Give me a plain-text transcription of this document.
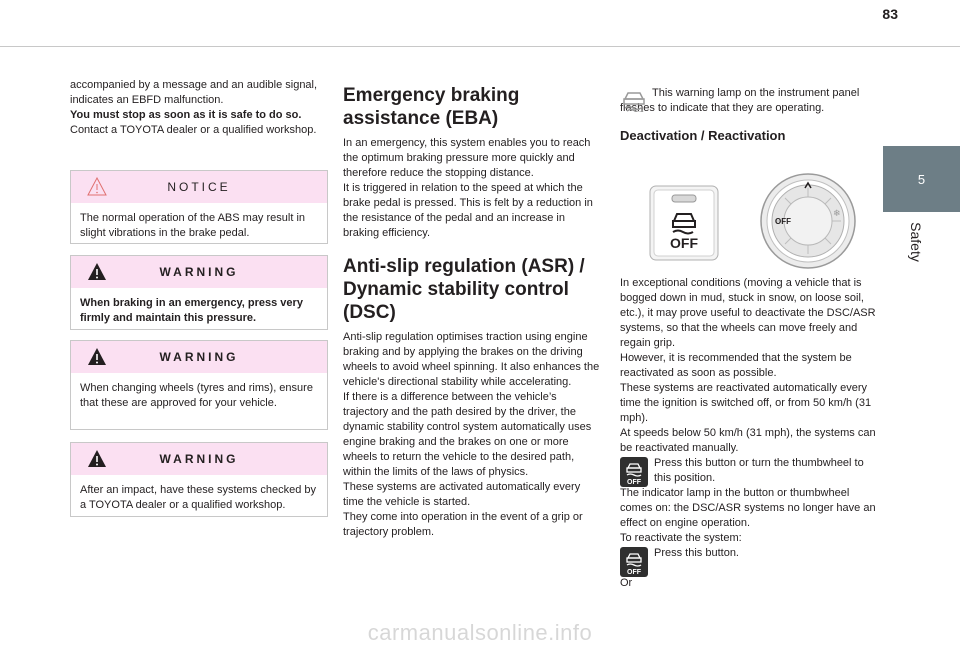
83
5
Safety

accompanied by a message and an audible signal, indicates an EBFD malfunction.

You must stop as soon as it is safe to do so.

Contact a TOYOTA dealer or a qualified workshop.

NOTICE
The normal operation of the ABS may result in slight vibrations in the brake pedal.
WARNING
When braking in an emergency, press very firmly and maintain this pressure.
WARNING
When changing wheels (tyres and rims), ensure that these are approved for your vehicle.
WARNING
After an impact, have these systems checked by a TOYOTA dealer or a qualified workshop.
Emergency braking assistance (EBA)

In an emergency, this system enables you to reach the optimum braking pressure more quickly and therefore reduce the stopping distance.

It is triggered in relation to the speed at which the brake pedal is pressed. This is felt by a reduction in the resistance of the pedal and an increase in braking efficiency.

Anti-slip regulation (ASR) / Dynamic stability control (DSC)

Anti-slip regulation optimises traction using engine braking and by applying the brakes on the driving wheels to avoid wheel spinning. It also enhances the vehicle's directional stability while accelerating.

If there is a difference between the vehicle’s trajectory and the path desired by the driver, the dynamic stability control system automatically uses engine braking and the brakes on one or more wheels to return the vehicle to the desired path, within the limits of the laws of physics.

These systems are activated automatically every time the vehicle is started.

They come into operation in the event of a grip or trajectory problem.

This warning lamp on the instrument panel flashes to indicate that they are operating.

Deactivation / Reactivation
OFF
OFF
❄

In exceptional conditions (moving a vehicle that is bogged down in mud, stuck in snow, on loose soil, etc.), it may prove useful to deactivate the DSC/ASR systems, so that the wheels can move freely and regain grip.

However, it is recommended that the system be reactivated as soon as possible.

These systems are reactivated automatically every time the ignition is switched off, or from 50 km/h (31 mph).

At speeds below 50 km/h (31 mph), the systems can be reactivated manually.

OFF

Press this button or turn the thumbwheel to this position.

The indicator lamp in the button or thumbwheel comes on: the DSC/ASR systems no longer have an effect on engine operation.

To reactivate the system:

OFF

Press this button.

Or

carmanualsonline.info
